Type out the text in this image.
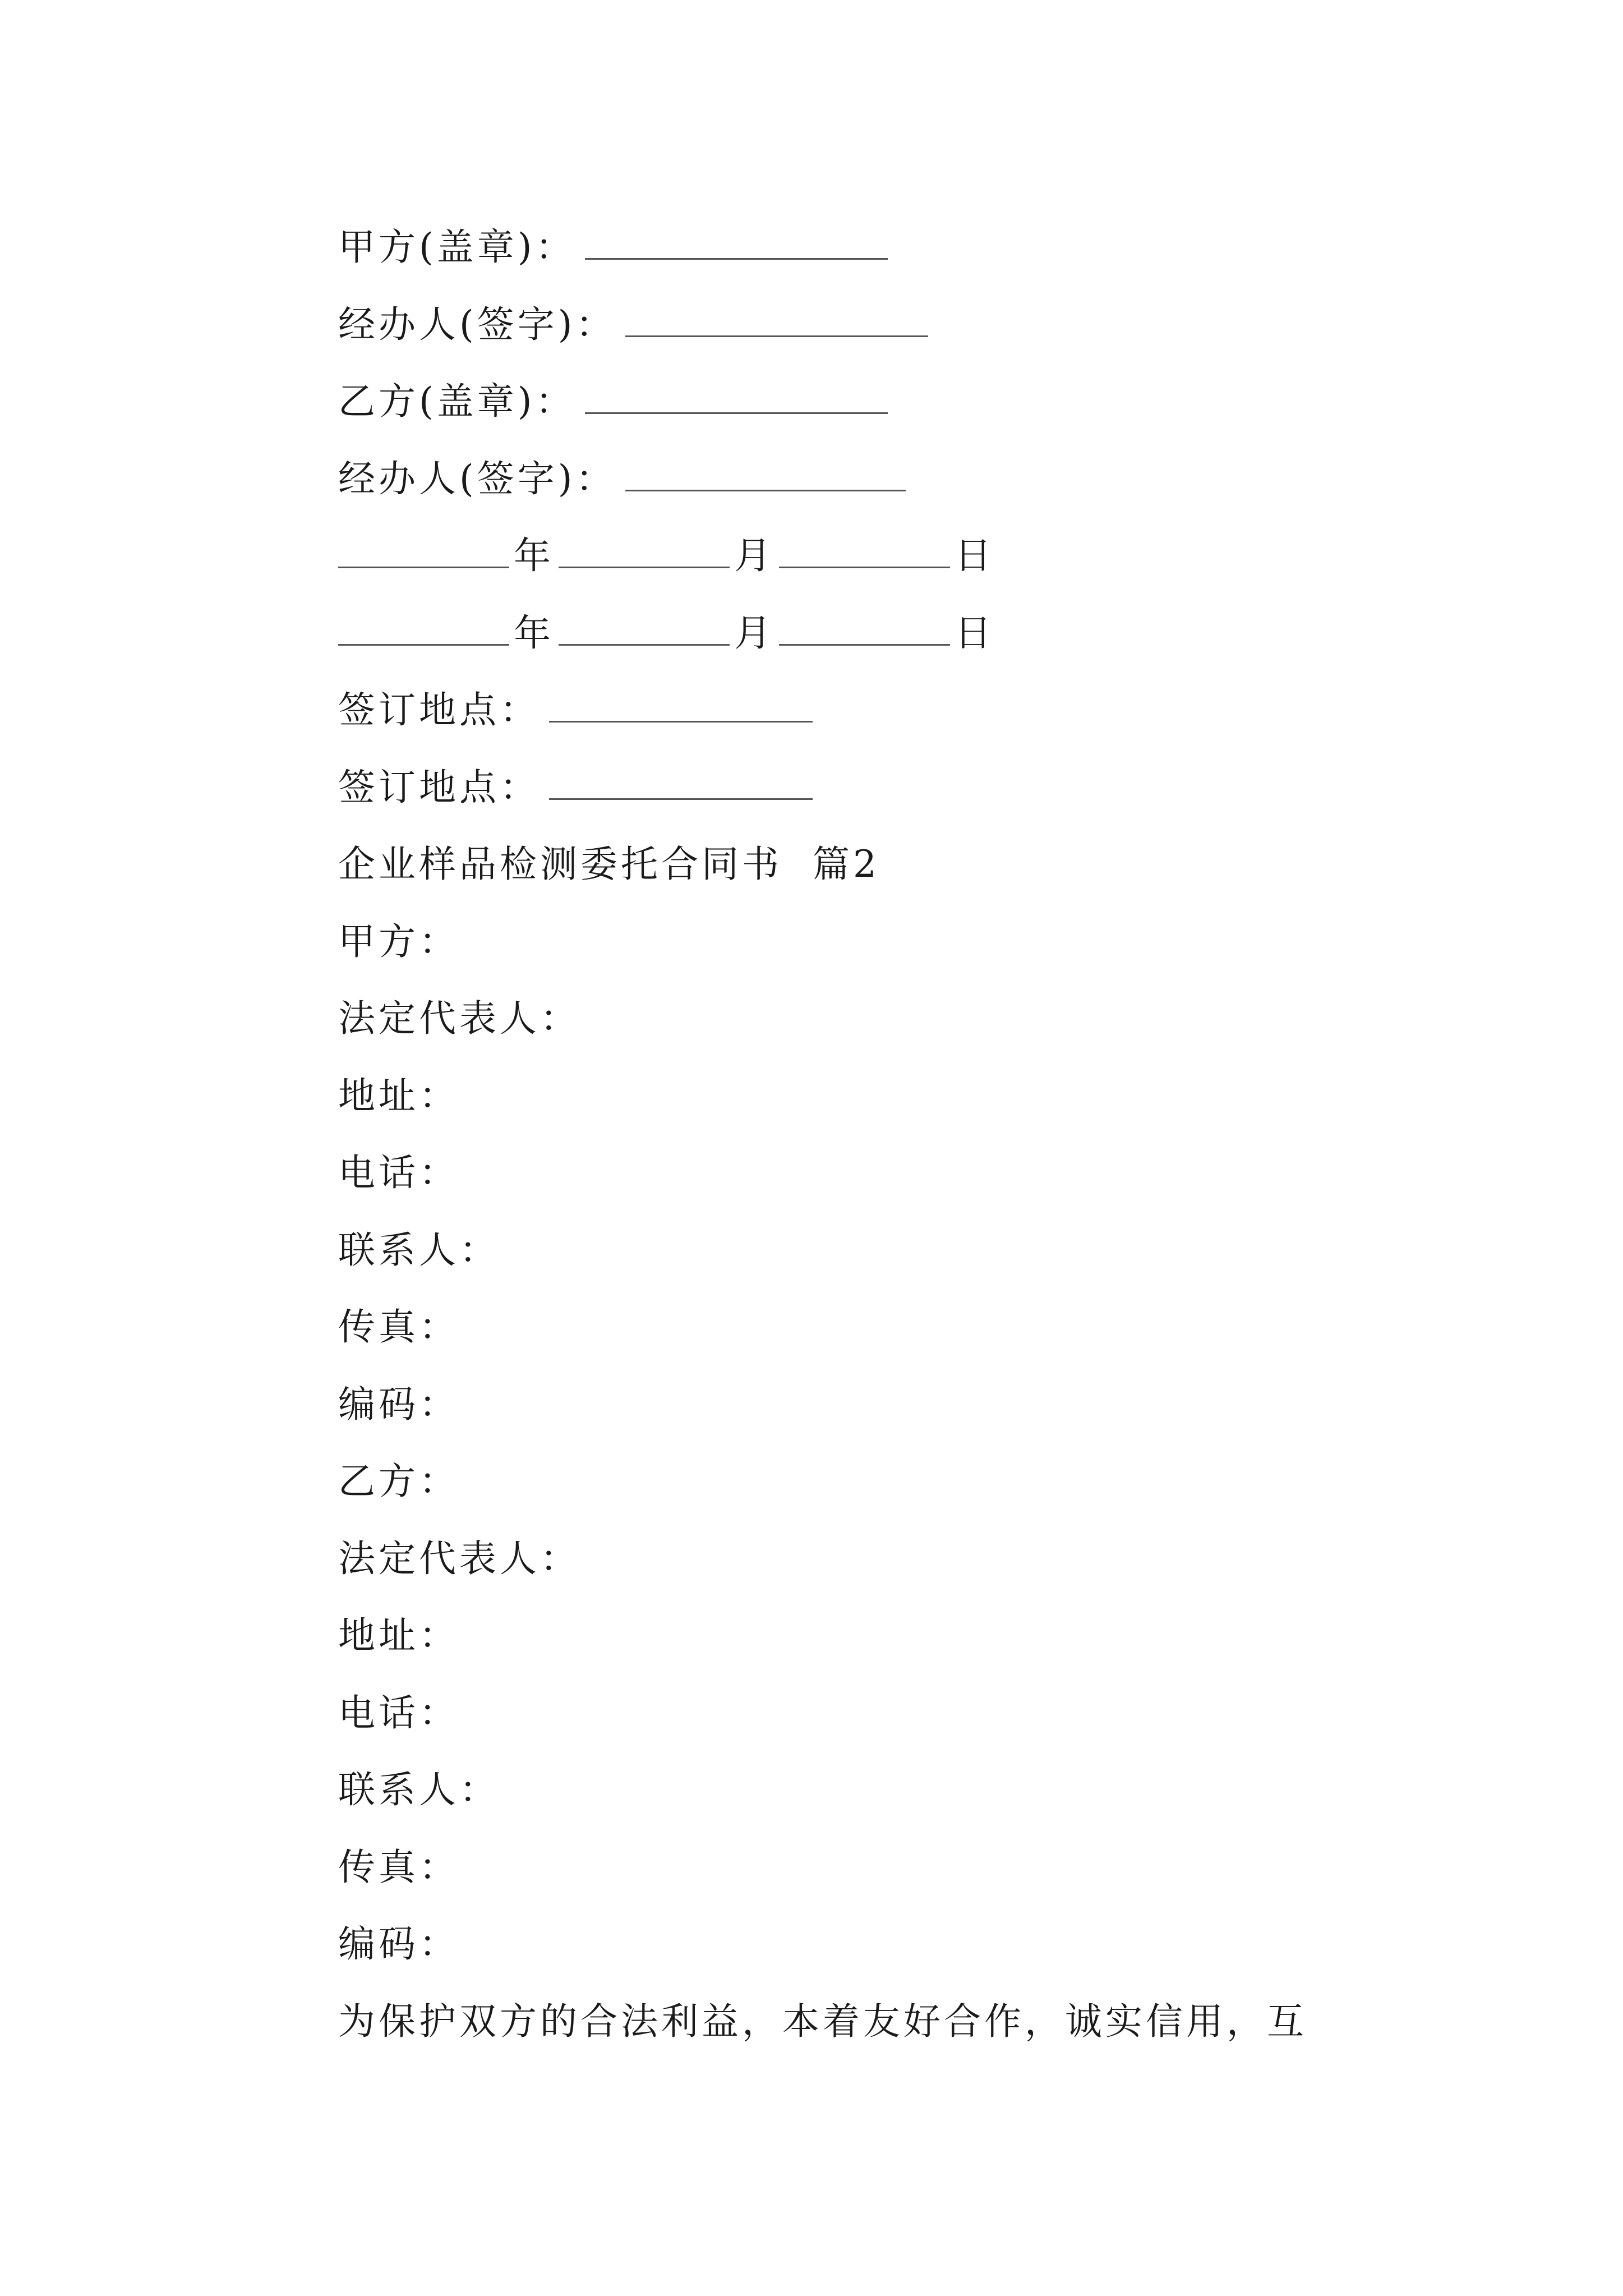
甲方(盖章)：
经办人(签字)：
乙方(盖章)：
经办人(签字)：
年	月	日
年	月	日
签订地点：
签订地点：
企业样品检测委托合同书  篇2
甲方：
法定代表人：
地址：
电话：
联系人：
传真：
编码：
乙方：
法定代表人：
地址：
电话：
联系人：
传真：
编码：
为保护双方的合法利益，本着友好合作，诚实信用，互
